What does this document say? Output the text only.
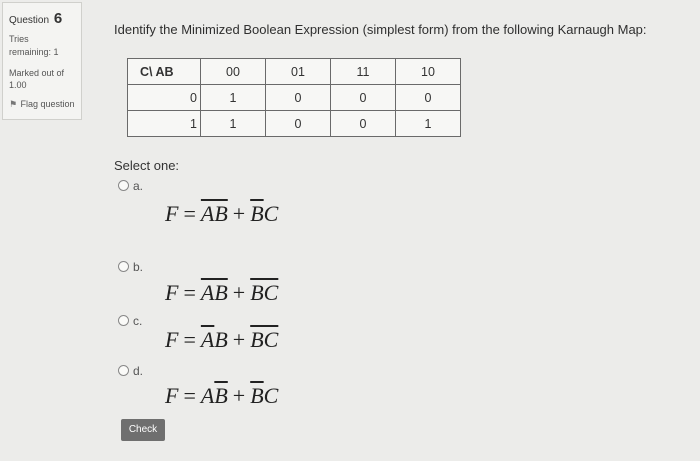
Question 6
Tries
remaining: 1
Marked out of
1.00
⚑ Flag question
Identify the Minimized Boolean Expression (simplest form) from the following Karnaugh Map:
C\ AB	00	01	11	10
0	1	0	0	0
1	1	0	0	1
Select one:
a.
$F = \overline{AB} + \overline{B}C$
b.
$F = \overline{AB} + \overline{BC}$
c.
$F = \overline{A}B + \overline{BC}$
d.
$F = A\overline{B} + \overline{B}C$
Check
